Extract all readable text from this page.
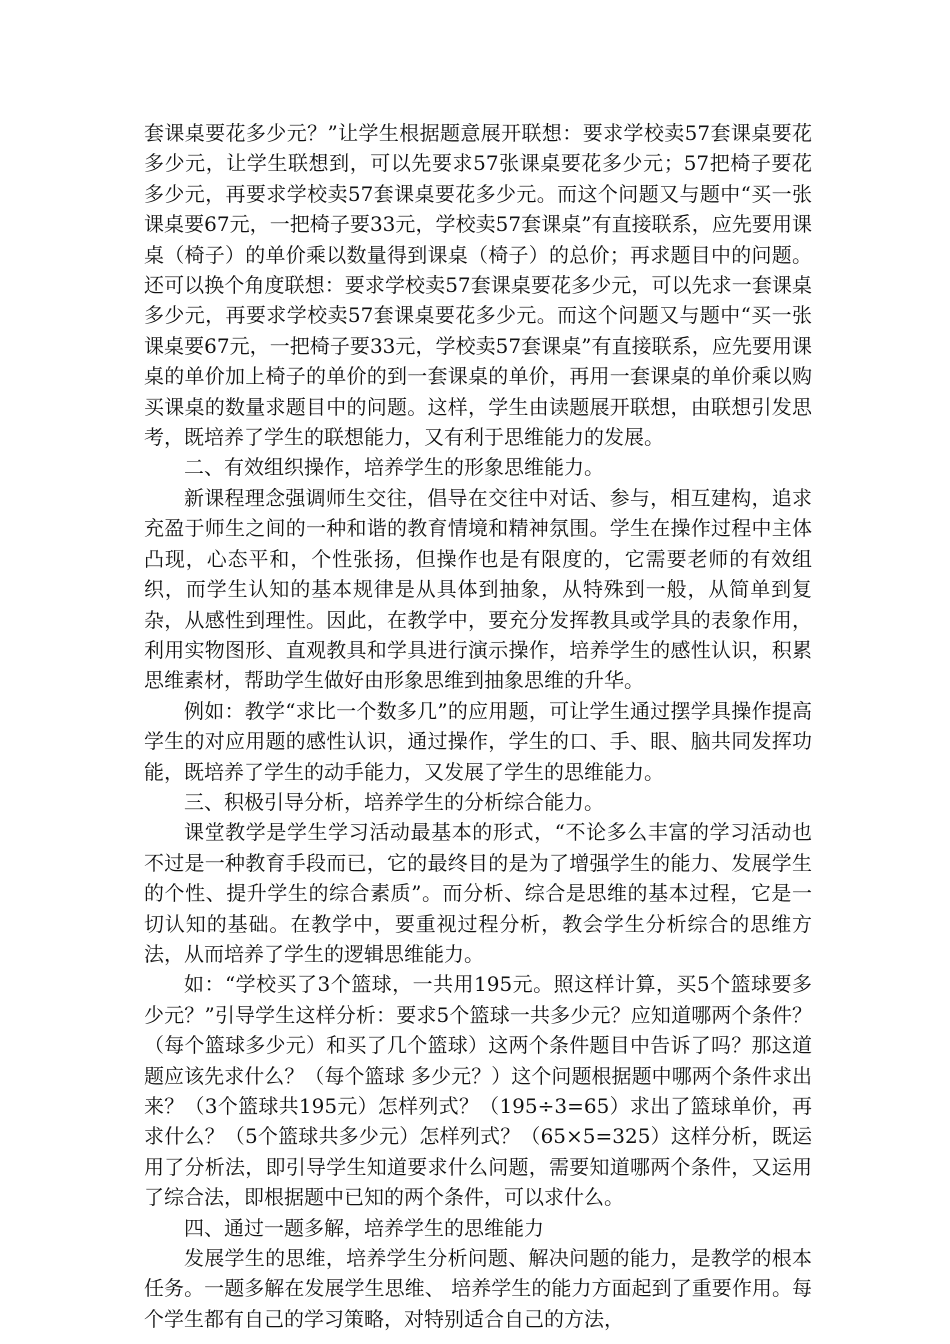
套课桌要花多少元？”让学生根据题意展开联想：要求学校卖57套课桌要花多少元，让学生联想到，可以先要求57张课桌要花多少元；57把椅子要花多少元，再要求学校卖57套课桌要花多少元。而这个问题又与题中“买一张课桌要67元，一把椅子要33元，学校卖57套课桌”有直接联系，应先要用课桌（椅子）的单价乘以数量得到课桌（椅子）的总价；再求题目中的问题。还可以换个角度联想：要求学校卖57套课桌要花多少元，可以先求一套课桌多少元，再要求学校卖57套课桌要花多少元。而这个问题又与题中“买一张课桌要67元，一把椅子要33元，学校卖57套课桌”有直接联系，应先要用课桌的单价加上椅子的单价的到一套课桌的单价，再用一套课桌的单价乘以购买课桌的数量求题目中的问题。这样，学生由读题展开联想，由联想引发思考，既培养了学生的联想能力，又有利于思维能力的发展。

二、有效组织操作，培养学生的形象思维能力。

新课程理念强调师生交往，倡导在交往中对话、参与，相互建构，追求充盈于师生之间的一种和谐的教育情境和精神氛围。学生在操作过程中主体凸现，心态平和，个性张扬，但操作也是有限度的，它需要老师的有效组织，而学生认知的基本规律是从具体到抽象，从特殊到一般，从简单到复杂，从感性到理性。因此，在教学中，要充分发挥教具或学具的表象作用，利用实物图形、直观教具和学具进行演示操作，培养学生的感性认识，积累思维素材，帮助学生做好由形象思维到抽象思维的升华。

例如：教学“求比一个数多几”的应用题，可让学生通过摆学具操作提高学生的对应用题的感性认识，通过操作，学生的口、手、眼、脑共同发挥功能，既培养了学生的动手能力，又发展了学生的思维能力。

三、积极引导分析，培养学生的分析综合能力。

课堂教学是学生学习活动最基本的形式，“不论多么丰富的学习活动也不过是一种教育手段而已，它的最终目的是为了增强学生的能力、发展学生的个性、提升学生的综合素质”。而分析、综合是思维的基本过程，它是一切认知的基础。在教学中，要重视过程分析，教会学生分析综合的思维方法，从而培养了学生的逻辑思维能力。

如：“学校买了3个篮球，一共用195元。照这样计算，买5个篮球要多少元？”引导学生这样分析：要求5个篮球一共多少元？应知道哪两个条件？（每个篮球多少元）和买了几个篮球）这两个条件题目中告诉了吗？那这道题应该先求什么？（每个篮球 多少元？）这个问题根据题中哪两个条件求出来？（3个篮球共195元）怎样列式？（195÷3=65）求出了篮球单价，再求什么？（5个篮球共多少元）怎样列式？（65×5=325）这样分析，既运用了分析法，即引导学生知道要求什么问题，需要知道哪两个条件，又运用了综合法，即根据题中已知的两个条件，可以求什么。

四、通过一题多解，培养学生的思维能力

发展学生的思维，培养学生分析问题、解决问题的能力，是教学的根本任务。一题多解在发展学生思维、 培养学生的能力方面起到了重要作用。每个学生都有自己的学习策略，对特别适合自己的方法，
